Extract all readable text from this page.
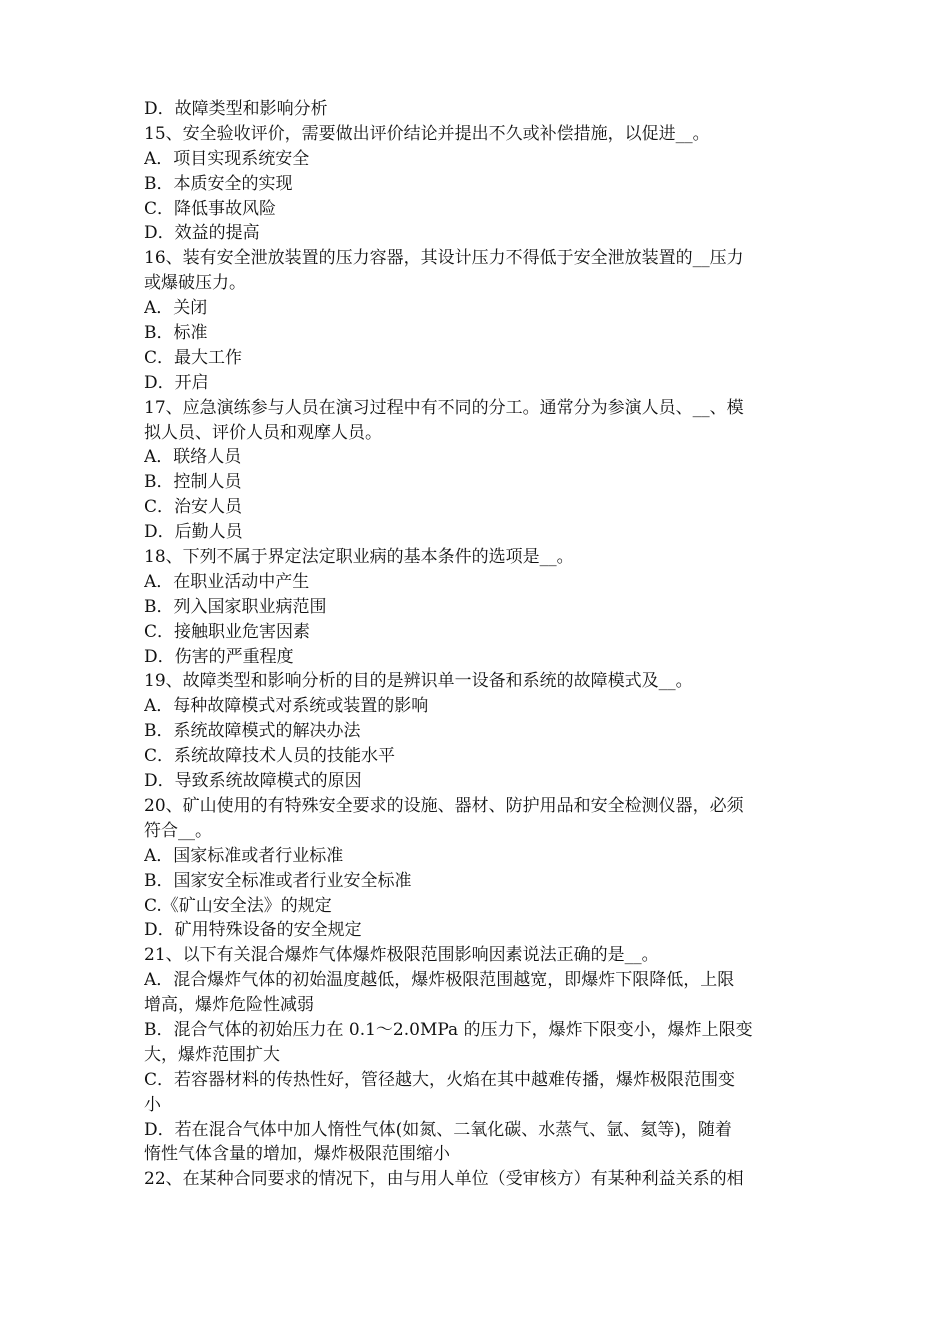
D．故障类型和影响分析
15、安全验收评价，需要做出评价结论并提出不久或补偿措施，以促进__。
A．项目实现系统安全
B．本质安全的实现
C．降低事故风险
D．效益的提高
16、装有安全泄放装置的压力容器，其设计压力不得低于安全泄放装置的__压力
或爆破压力。
A．关闭
B．标准
C．最大工作
D．开启
17、应急演练参与人员在演习过程中有不同的分工。通常分为参演人员、__、模
拟人员、评价人员和观摩人员。
A．联络人员
B．控制人员
C．治安人员
D．后勤人员
18、下列不属于界定法定职业病的基本条件的选项是__。
A．在职业活动中产生
B．列入国家职业病范围
C．接触职业危害因素
D．伤害的严重程度
19、故障类型和影响分析的目的是辨识单一设备和系统的故障模式及__。
A．每种故障模式对系统或装置的影响
B．系统故障模式的解决办法
C．系统故障技术人员的技能水平
D．导致系统故障模式的原因
20、矿山使用的有特殊安全要求的设施、器材、防护用品和安全检测仪器，必须
符合__。
A．国家标准或者行业标准
B．国家安全标准或者行业安全标准
C.《矿山安全法》的规定
D．矿用特殊设备的安全规定
21、以下有关混合爆炸气体爆炸极限范围影响因素说法正确的是__。
A．混合爆炸气体的初始温度越低，爆炸极限范围越宽，即爆炸下限降低，上限
增高，爆炸危险性减弱
B．混合气体的初始压力在 0.1～2.0MPa 的压力下，爆炸下限变小，爆炸上限变
大，爆炸范围扩大
C．若容器材料的传热性好，管径越大，火焰在其中越难传播，爆炸极限范围变
小
D．若在混合气体中加人惰性气体(如氮、二氧化碳、水蒸气、氩、氦等)，随着
惰性气体含量的增加，爆炸极限范围缩小
22、在某种合同要求的情况下，由与用人单位（受审核方）有某种利益关系的相
